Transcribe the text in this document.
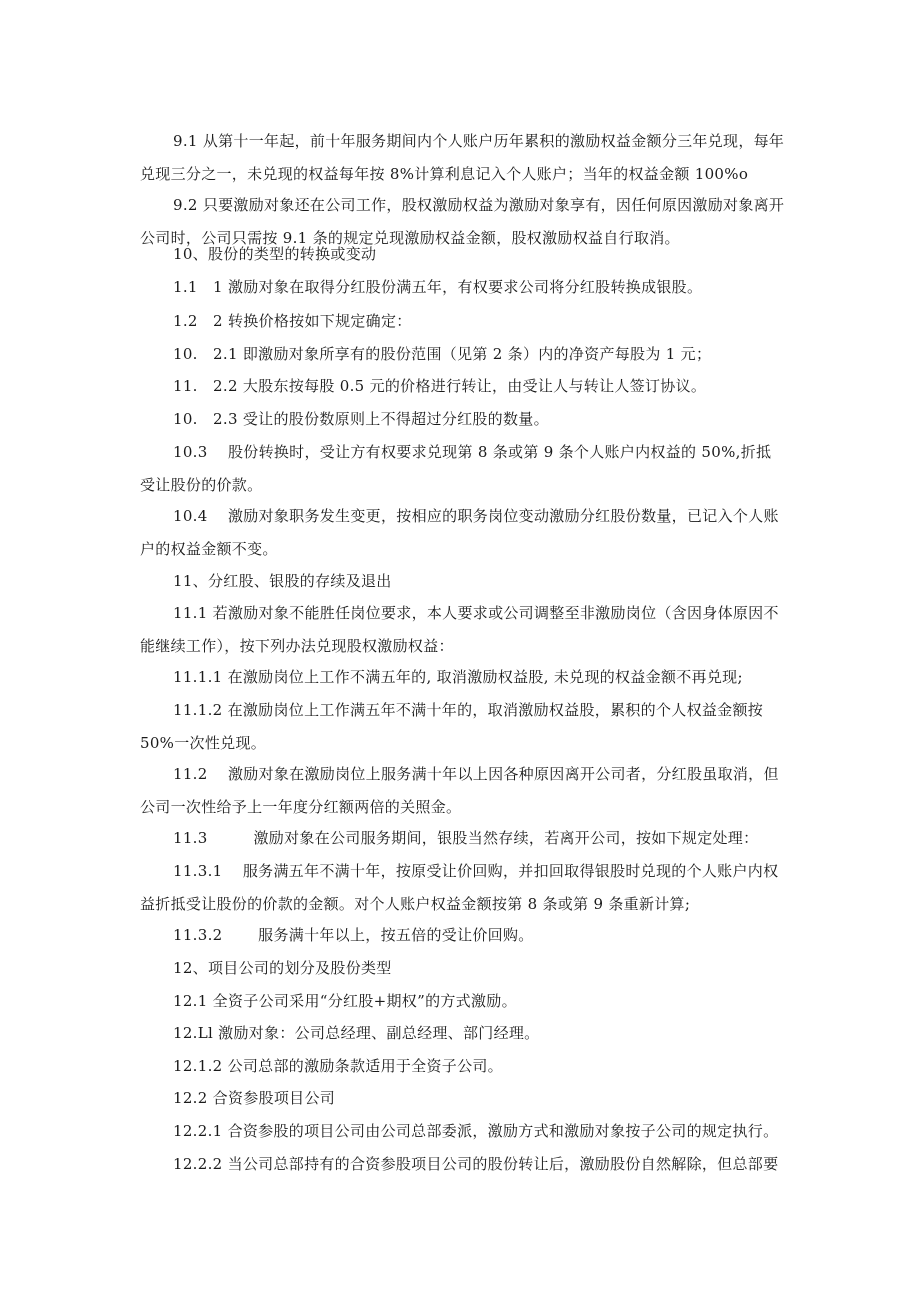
9.1 从第十一年起，前十年服务期间内个人账户历年累积的激励权益金额分三年兑现，每年兑现三分之一，未兑现的权益每年按 8%计算利息记入个人账户；当年的权益金额 100%o

9.2 只要激励对象还在公司工作，股权激励权益为激励对象享有，因任何原因激励对象离开公司时，公司只需按 9.1 条的规定兑现激励权益金额，股权激励权益自行取消。

10、股份的类型的转换或变动

1.1　1 激励对象在取得分红股份满五年，有权要求公司将分红股转换成银股。

1.2　2 转换价格按如下规定确定：

10.　2.1 即激励对象所享有的股份范围（见第 2 条）内的净资产每股为 1 元；

11.　2.2 大股东按每股 0.5 元的价格进行转让，由受让人与转让人签订协议。

10.　2.3 受让的股份数原则上不得超过分红股的数量。

10.3　 股份转换时，受让方有权要求兑现第 8 条或第 9 条个人账户内权益的 50%,折抵受让股份的价款。

10.4　 激励对象职务发生变更，按相应的职务岗位变动激励分红股份数量，已记入个人账户的权益金额不变。

11、分红股、银股的存续及退出

11.1 若激励对象不能胜任岗位要求，本人要求或公司调整至非激励岗位（含因身体原因不能继续工作），按下列办法兑现股权激励权益：

11.1.1 在激励岗位上工作不满五年的, 取消激励权益股, 未兑现的权益金额不再兑现;

11.1.2 在激励岗位上工作满五年不满十年的，取消激励权益股，累积的个人权益金额按 50%一次性兑现。

11.2　 激励对象在激励岗位上服务满十年以上因各种原因离开公司者，分红股虽取消，但公司一次性给予上一年度分红额两倍的关照金。

11.3　　　激励对象在公司服务期间，银股当然存续，若离开公司，按如下规定处理：

11.3.1　 服务满五年不满十年，按原受让价回购，并扣回取得银股时兑现的个人账户内权益折抵受让股份的价款的金额。对个人账户权益金额按第 8 条或第 9 条重新计算;

11.3.2　　 服务满十年以上，按五倍的受让价回购。

12、项目公司的划分及股份类型

12.1 全资子公司采用“分红股+期权”的方式激励。

12.Ll 激励对象：公司总经理、副总经理、部门经理。

12.1.2 公司总部的激励条款适用于全资子公司。

12.2 合资参股项目公司

12.2.1 合资参股的项目公司由公司总部委派，激励方式和激励对象按子公司的规定执行。

12.2.2 当公司总部持有的合资参股项目公司的股份转让后，激励股份自然解除，但总部要
